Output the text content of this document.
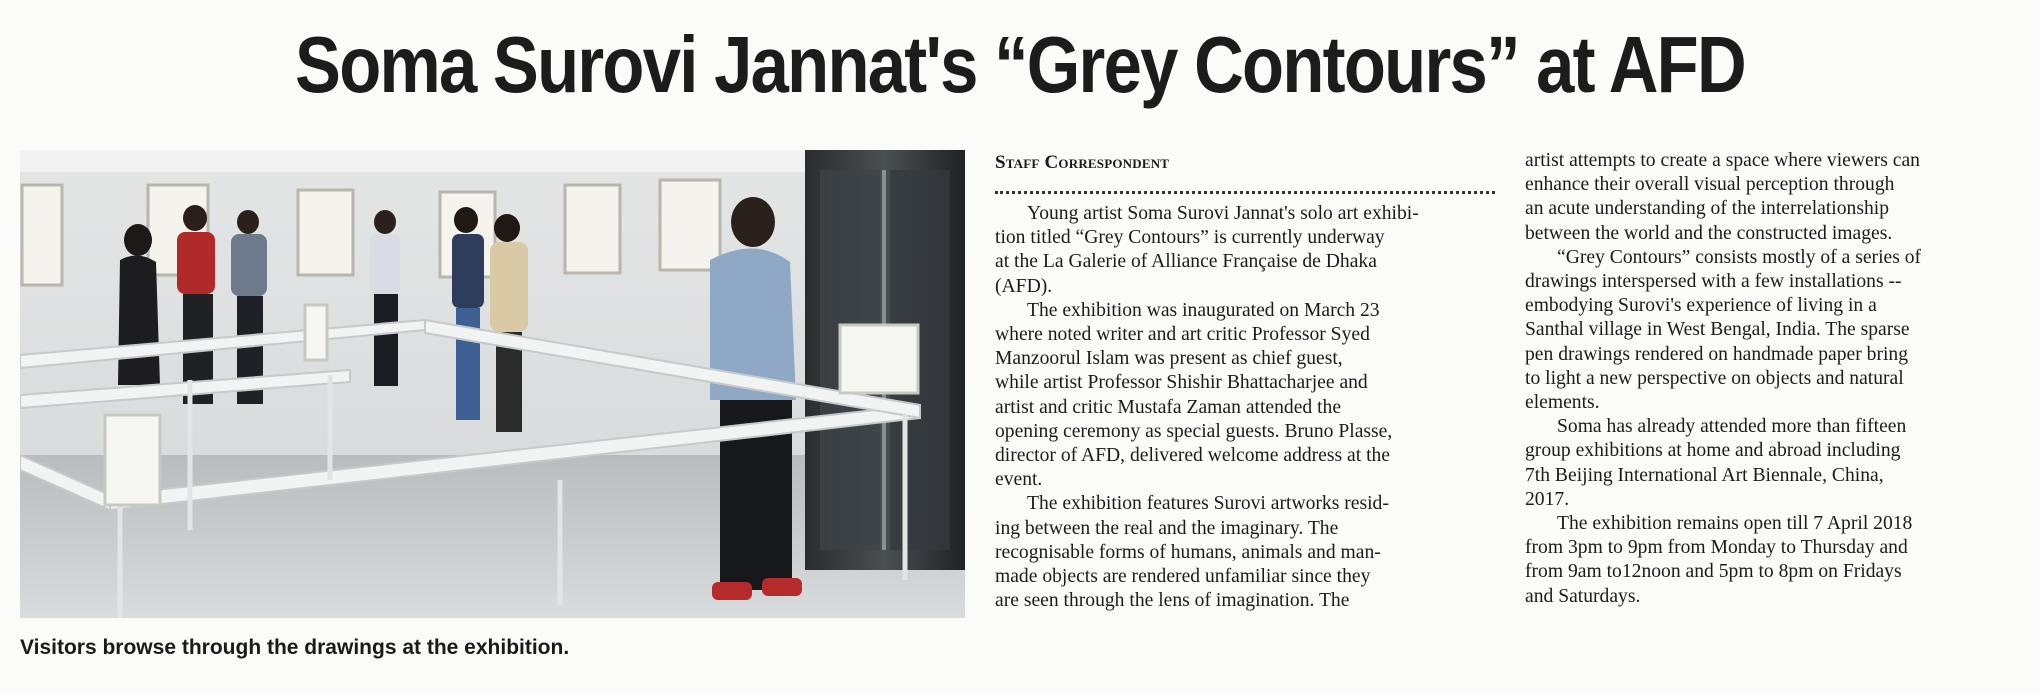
Soma Surovi Jannat's “Grey Contours” at AFD
Visitors browse through the drawings at the exhibition.
Staff Correspondent
Young artist Soma Surovi Jannat's solo art exhibi-
tion titled “Grey Contours” is currently underway
at the La Galerie of Alliance Française de Dhaka
(AFD).
The exhibition was inaugurated on March 23
where noted writer and art critic Professor Syed
Manzoorul Islam was present as chief guest,
while artist Professor Shishir Bhattacharjee and
artist and critic Mustafa Zaman attended the
opening ceremony as special guests. Bruno Plasse,
director of AFD, delivered welcome address at the
event.
The exhibition features Surovi artworks resid-
ing between the real and the imaginary. The
recognisable forms of humans, animals and man-
made objects are rendered unfamiliar since they
are seen through the lens of imagination. The
artist attempts to create a space where viewers can
enhance their overall visual perception through
an acute understanding of the interrelationship
between the world and the constructed images.
“Grey Contours” consists mostly of a series of
drawings interspersed with a few installations --
embodying Surovi's experience of living in a
Santhal village in West Bengal, India. The sparse
pen drawings rendered on handmade paper bring
to light a new perspective on objects and natural
elements.
Soma has already attended more than fifteen
group exhibitions at home and abroad including
7th Beijing International Art Biennale, China,
2017.
The exhibition remains open till 7 April 2018
from 3pm to 9pm from Monday to Thursday and
from 9am to12noon and 5pm to 8pm on Fridays
and Saturdays.
